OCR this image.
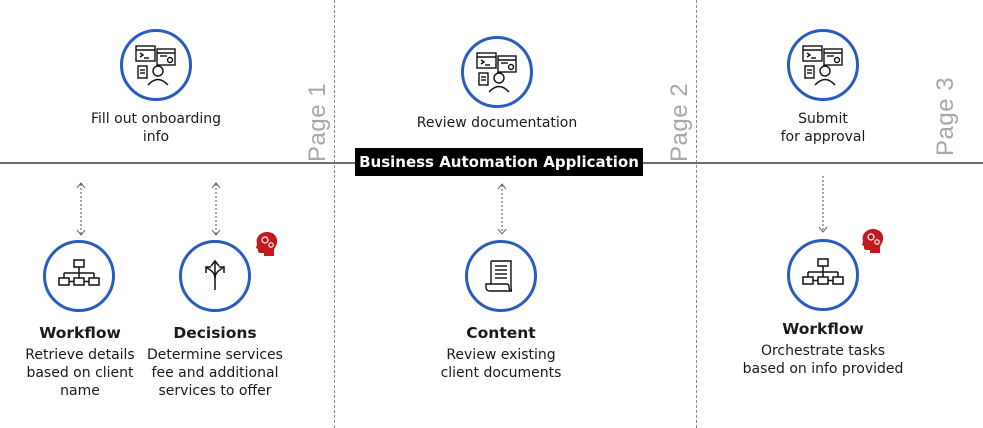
Page 1	Page 2	Page 3
Business Automation Application
Fill out onboarding
info
Review documentation	Submit
for approval
Workflow
Retrieve details
based on client
name
Decisions
Determine services
fee and additional
services to offer
Content
Review existing
client documents
Workflow
Orchestrate tasks
based on info provided
